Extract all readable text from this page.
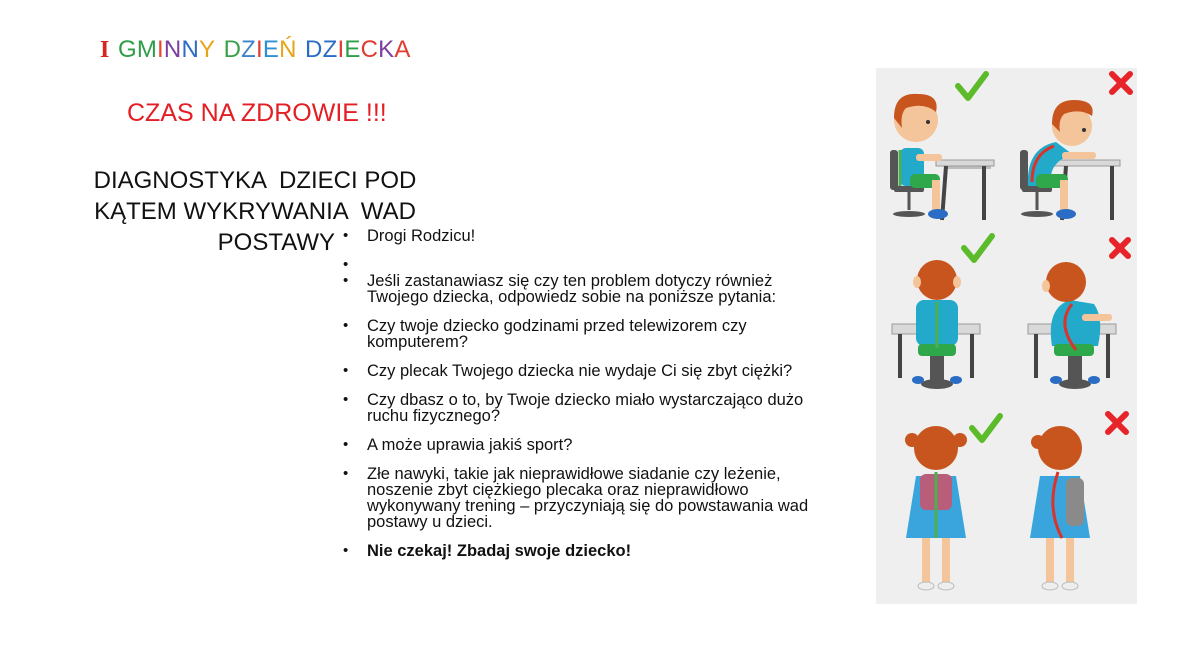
I GMINNY DZIEŃ DZIECKA
CZAS NA ZDROWIE !!!
DIAGNOSTYKA  DZIECI POD
KĄTEM WYKRYWANIA  WAD
POSTAWY • Drogi Rodzicu!
•
• Jeśli zastanawiasz się czy ten problem dotyczy również Twojego dziecka, odpowiedz sobie na poniższe pytania:
• Czy twoje dziecko godzinami przed telewizorem czy komputerem?
• Czy plecak Twojego dziecka nie wydaje Ci się zbyt ciężki?
• Czy dbasz o to, by Twoje dziecko miało wystarczająco dużo ruchu fizycznego?
• A może uprawia jakiś sport?
• Złe nawyki, takie jak nieprawidłowe siadanie czy leżenie, noszenie zbyt ciężkiego plecaka oraz nieprawidłowo wykonywany trening – przyczyniają się do powstawania wad postawy u dzieci.
• Nie czekaj! Zbadaj swoje dziecko!
